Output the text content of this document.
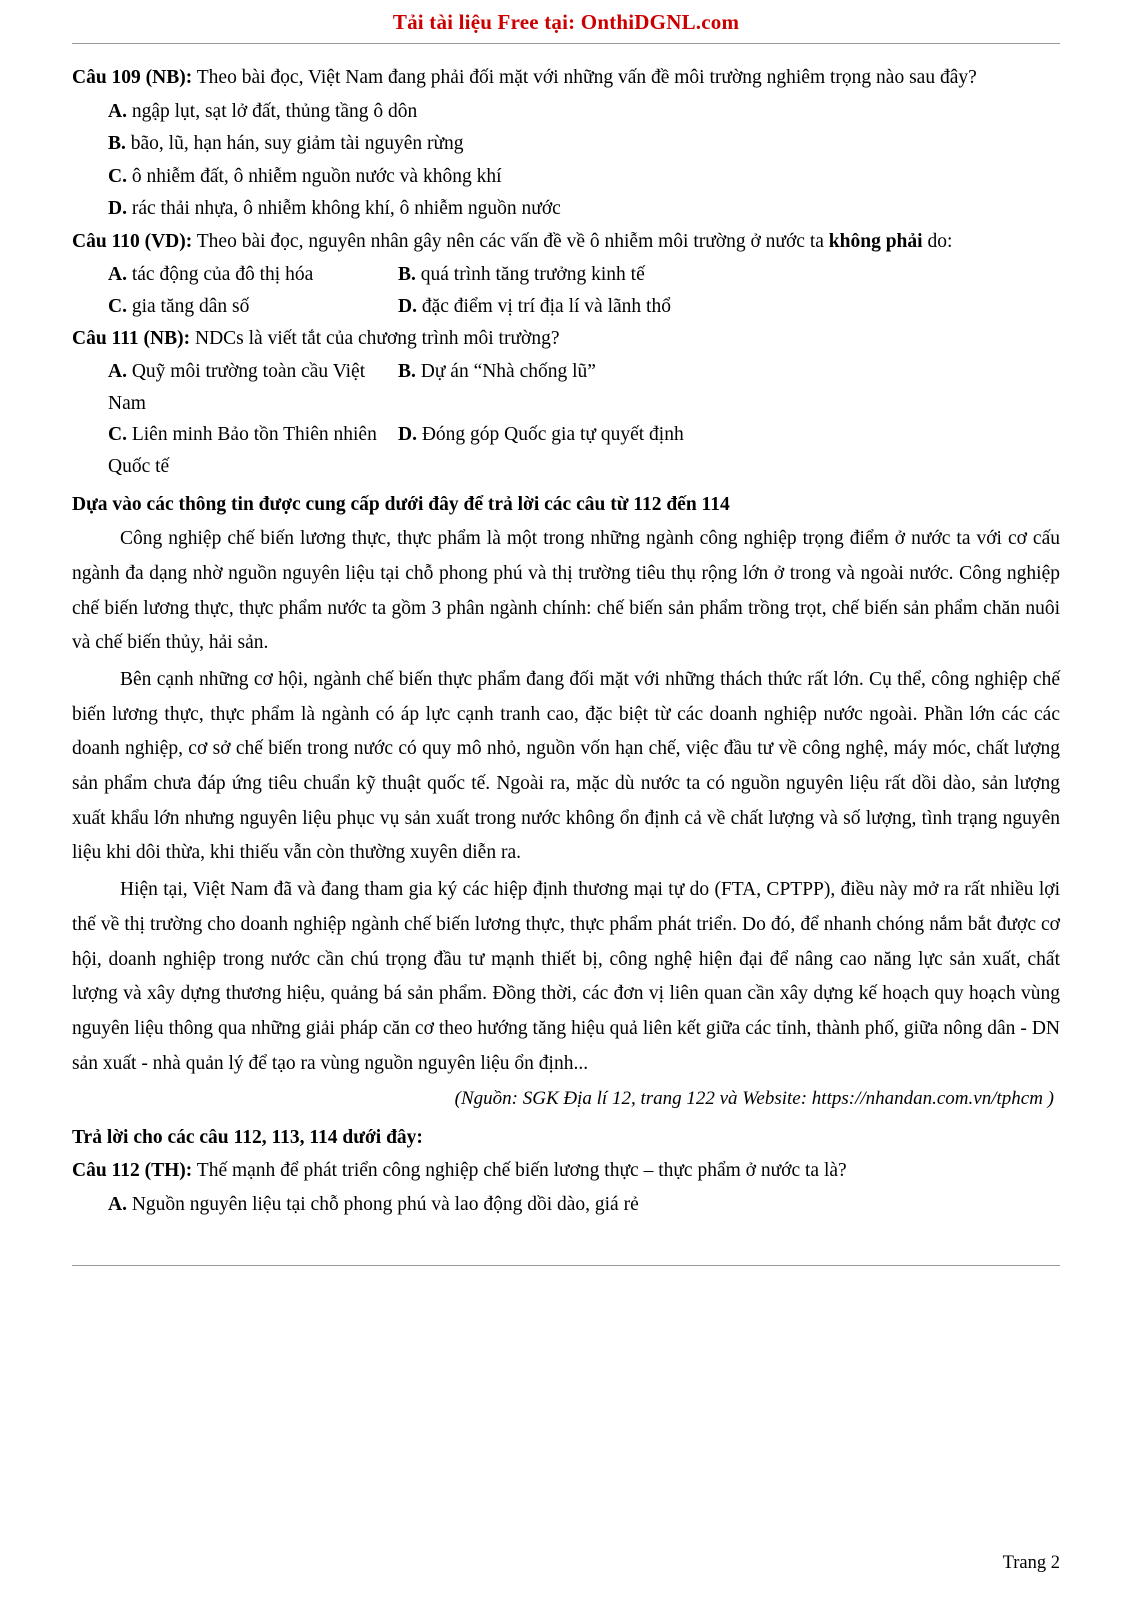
Tải tài liệu Free tại: OnthiDGNL.com

Câu 109 (NB): Theo bài đọc, Việt Nam đang phải đối mặt với những vấn đề môi trường nghiêm trọng nào sau đây?

A. ngập lụt, sạt lở đất, thủng tầng ô dôn

B. bão, lũ, hạn hán, suy giảm tài nguyên rừng

C. ô nhiễm đất, ô nhiễm nguồn nước và không khí

D. rác thải nhựa, ô nhiễm không khí, ô nhiễm nguồn nước

Câu 110 (VD): Theo bài đọc, nguyên nhân gây nên các vấn đề về ô nhiễm môi trường ở nước ta không phải do:

A. tác động của đô thị hóa	B. quá trình tăng trưởng kinh tế
C. gia tăng dân số	D. đặc điểm vị trí địa lí và lãnh thổ

Câu 111 (NB): NDCs là viết tắt của chương trình môi trường?

A. Quỹ môi trường toàn cầu Việt Nam
B. Dự án “Nhà chống lũ”
C. Liên minh Bảo tồn Thiên nhiên Quốc tế
D. Đóng góp Quốc gia tự quyết định

Dựa vào các thông tin được cung cấp dưới đây để trả lời các câu từ 112 đến 114

Công nghiệp chế biến lương thực, thực phẩm là một trong những ngành công nghiệp trọng điểm ở nước ta với cơ cấu ngành đa dạng nhờ nguồn nguyên liệu tại chỗ phong phú và thị trường tiêu thụ rộng lớn ở trong và ngoài nước. Công nghiệp chế biến lương thực, thực phẩm nước ta gồm 3 phân ngành chính: chế biến sản phẩm trồng trọt, chế biến sản phẩm chăn nuôi và chế biến thủy, hải sản.

Bên cạnh những cơ hội, ngành chế biến thực phẩm đang đối mặt với những thách thức rất lớn. Cụ thể, công nghiệp chế biến lương thực, thực phẩm là ngành có áp lực cạnh tranh cao, đặc biệt từ các doanh nghiệp nước ngoài. Phần lớn các các doanh nghiệp, cơ sở chế biến trong nước có quy mô nhỏ, nguồn vốn hạn chế, việc đầu tư về công nghệ, máy móc, chất lượng sản phẩm chưa đáp ứng tiêu chuẩn kỹ thuật quốc tế. Ngoài ra, mặc dù nước ta có nguồn nguyên liệu rất dồi dào, sản lượng xuất khẩu lớn nhưng nguyên liệu phục vụ sản xuất trong nước không ổn định cả về chất lượng và số lượng, tình trạng nguyên liệu khi dôi thừa, khi thiếu vẫn còn thường xuyên diễn ra.

Hiện tại, Việt Nam đã và đang tham gia ký các hiệp định thương mại tự do (FTA, CPTPP), điều này mở ra rất nhiều lợi thế về thị trường cho doanh nghiệp ngành chế biến lương thực, thực phẩm phát triển. Do đó, để nhanh chóng nắm bắt được cơ hội, doanh nghiệp trong nước cần chú trọng đầu tư mạnh thiết bị, công nghệ hiện đại để nâng cao năng lực sản xuất, chất lượng và xây dựng thương hiệu, quảng bá sản phẩm. Đồng thời, các đơn vị liên quan cần xây dựng kế hoạch quy hoạch vùng nguyên liệu thông qua những giải pháp căn cơ theo hướng tăng hiệu quả liên kết giữa các tỉnh, thành phố, giữa nông dân - DN sản xuất - nhà quản lý để tạo ra vùng nguồn nguyên liệu ổn định...

(Nguồn: SGK Địa lí 12, trang 122 và Website: https://nhandan.com.vn/tphcm )

Trả lời cho các câu 112, 113, 114 dưới đây:

Câu 112 (TH): Thế mạnh để phát triển công nghiệp chế biến lương thực – thực phẩm ở nước ta là?

A. Nguồn nguyên liệu tại chỗ phong phú và lao động dồi dào, giá rẻ

Trang 2
